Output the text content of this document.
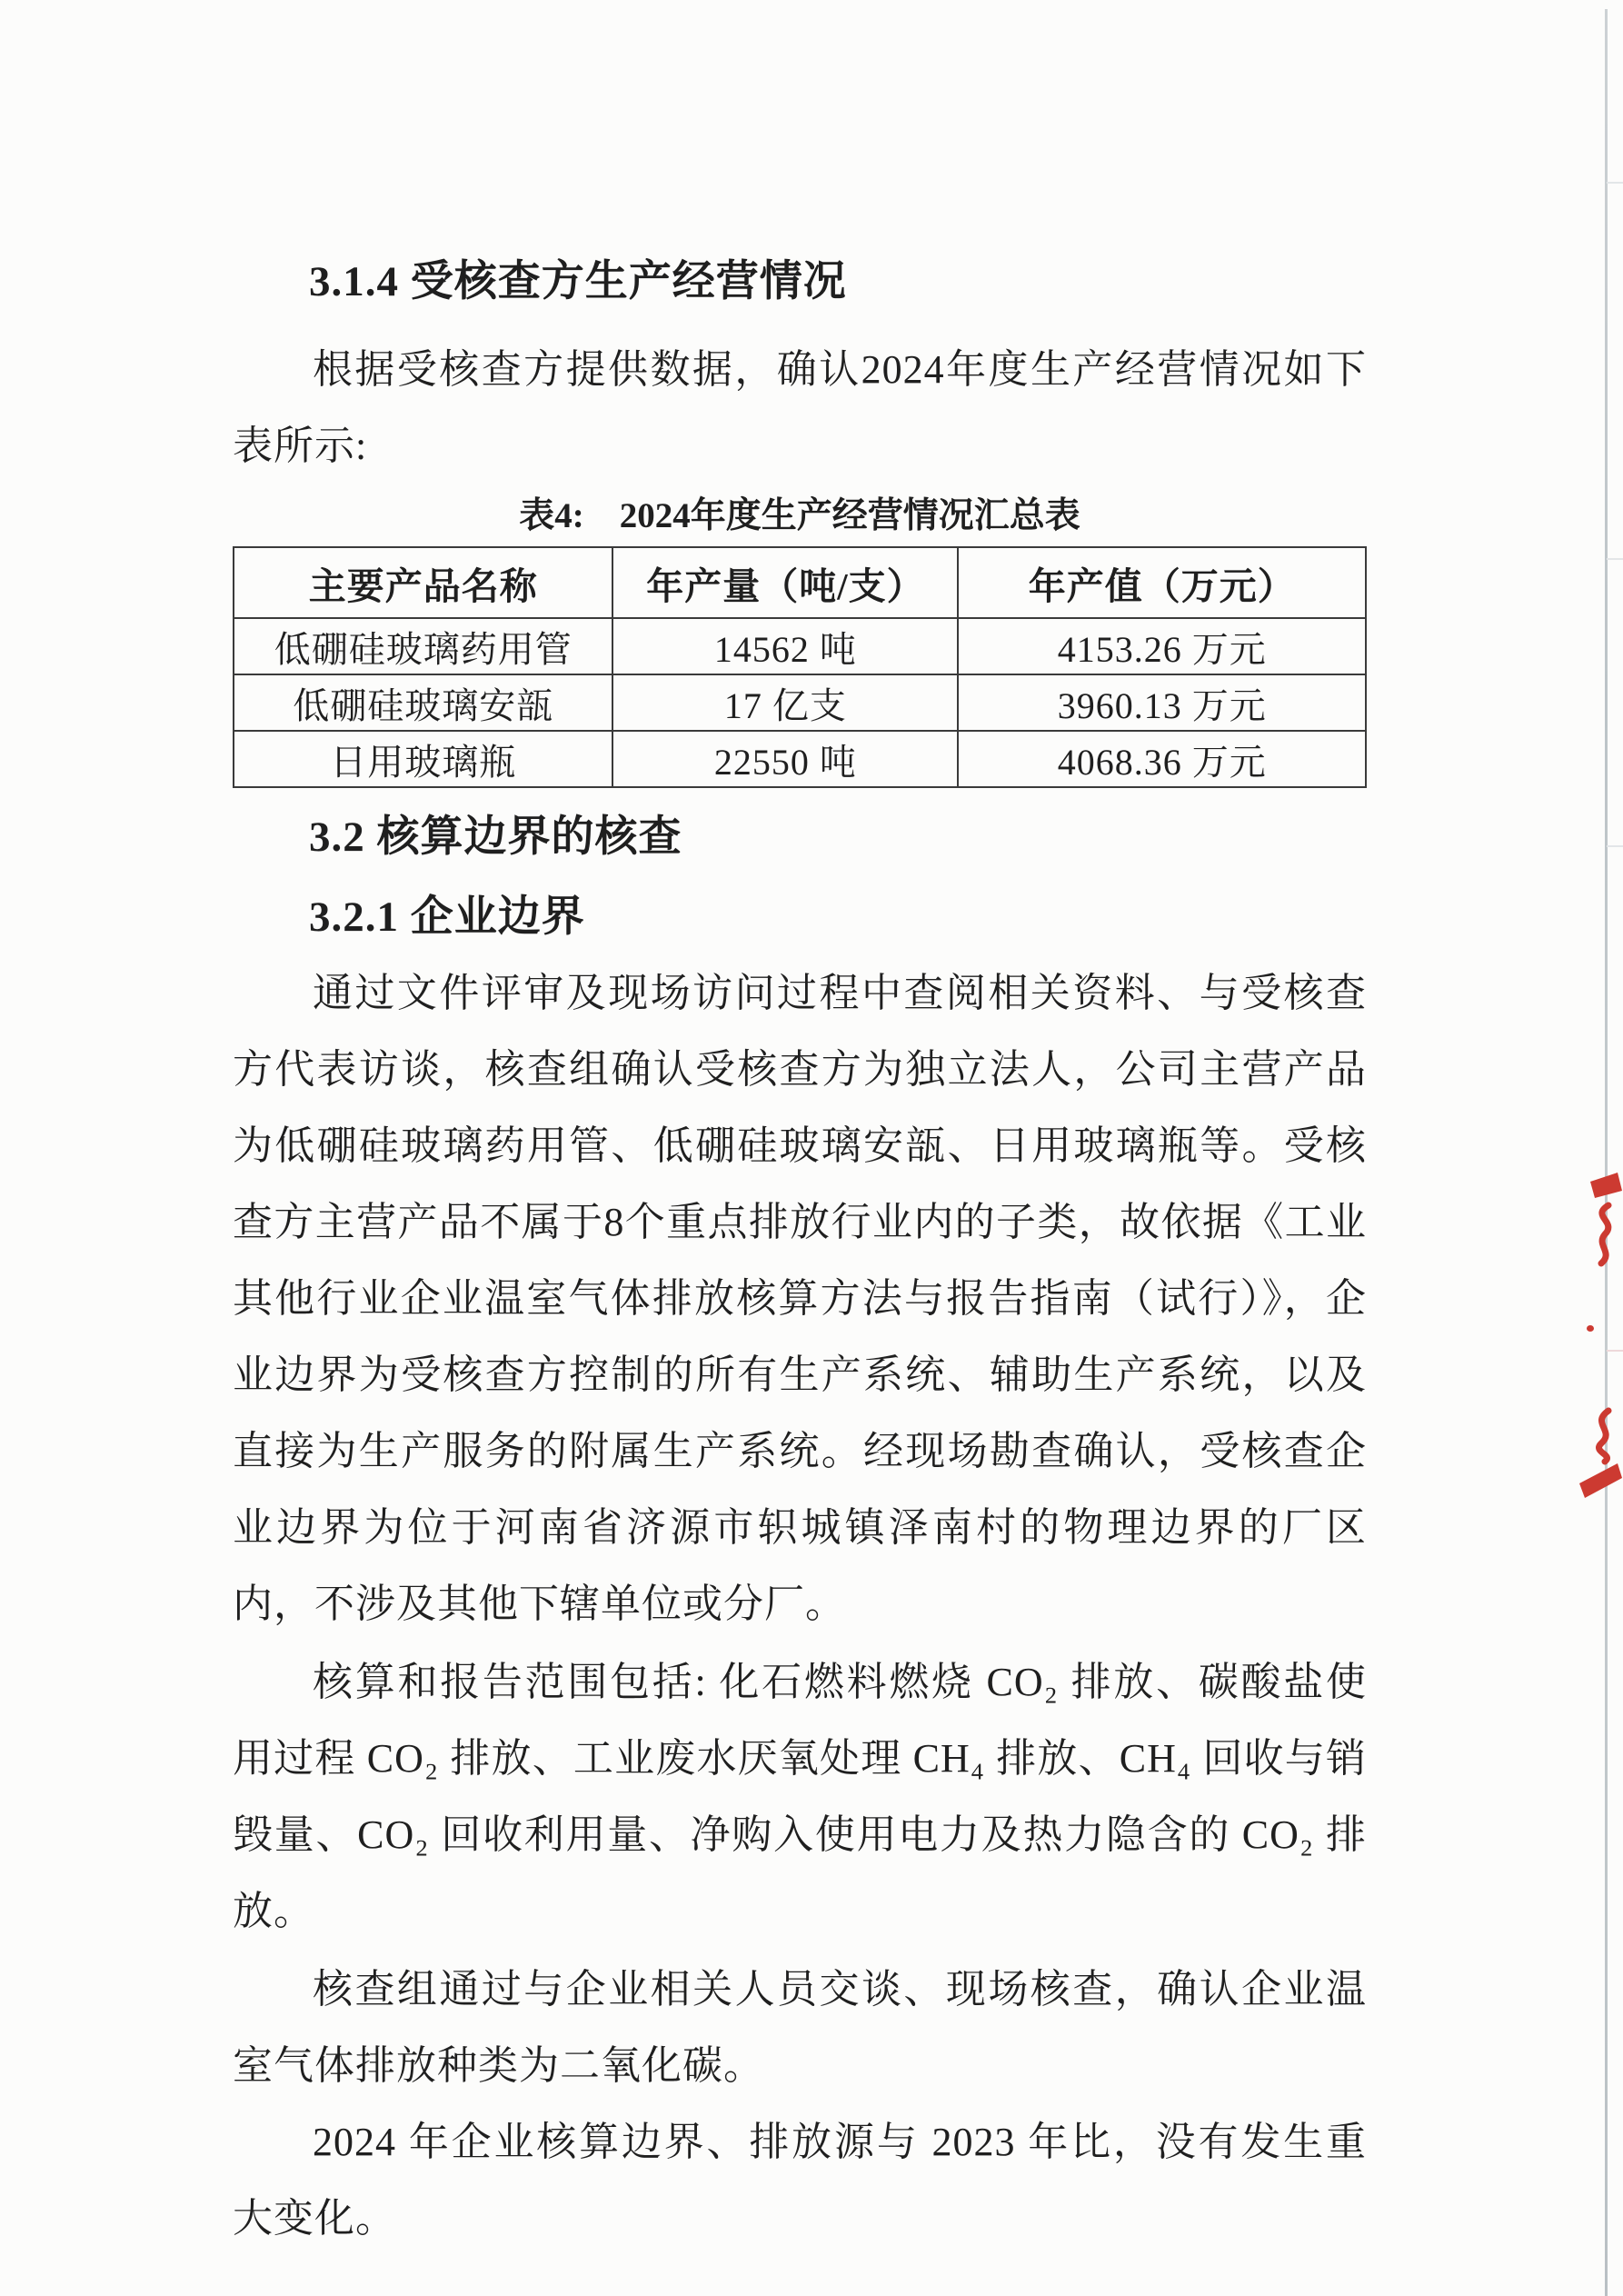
3.1.4 受核查方生产经营情况

根据受核查方提供数据，确认2024年度生产经营情况如下表所示:

表4:　2024年度生产经营情况汇总表
主要产品名称	年产量（吨/支）	年产值（万元）
低硼硅玻璃药用管	14562 吨	4153.26 万元
低硼硅玻璃安瓿	17 亿支	3960.13 万元
日用玻璃瓶	22550 吨	4068.36 万元
3.2 核算边界的核查
3.2.1 企业边界

通过文件评审及现场访问过程中查阅相关资料、与受核查方代表访谈，核查组确认受核查方为独立法人，公司主营产品为低硼硅玻璃药用管、低硼硅玻璃安瓿、日用玻璃瓶等。受核查方主营产品不属于8个重点排放行业内的子类，故依据《工业其他行业企业温室气体排放核算方法与报告指南（试行）》，企业边界为受核查方控制的所有生产系统、辅助生产系统，以及直接为生产服务的附属生产系统。经现场勘查确认，受核查企业边界为位于河南省济源市轵城镇泽南村的物理边界的厂区内，不涉及其他下辖单位或分厂。

核算和报告范围包括: 化石燃料燃烧 CO₂ 排放、碳酸盐使用过程 CO₂ 排放、工业废水厌氧处理 CH₄ 排放、CH₄ 回收与销毁量、CO₂ 回收利用量、净购入使用电力及热力隐含的 CO₂ 排放。

核查组通过与企业相关人员交谈、现场核查，确认企业温室气体排放种类为二氧化碳。

2024 年企业核算边界、排放源与 2023 年比，没有发生重大变化。
